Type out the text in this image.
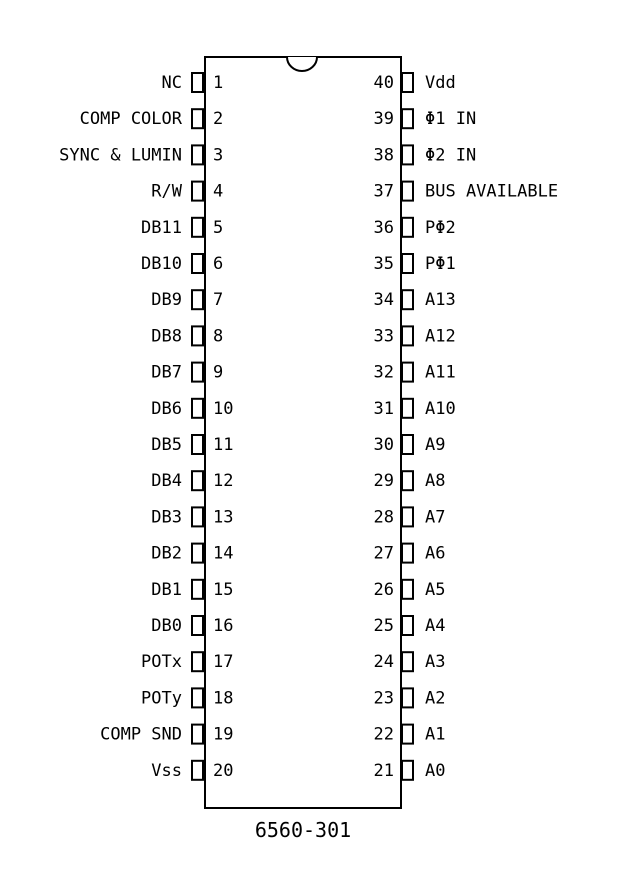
1
NC
2
COMP COLOR
3
SYNC & LUMIN
4
R/W
5
DB11
6
DB10
7
DB9
8
DB8
9
DB7
10
DB6
11
DB5
12
DB4
13
DB3
14
DB2
15
DB1
16
DB0
17
POTx
18
POTy
19
COMP SND
20
Vss
40 Vdd
39 Φ1 IN
38 Φ2 IN
37 BUS AVAILABLE
36 PΦ2
35 PΦ1
34 A13
33 A12
32 A11
31 A10
30 A9
29 A8
28 A7
27 A6
26 A5
25 A4
24 A3
23 A2
22 A1
21 A0
6560-301
